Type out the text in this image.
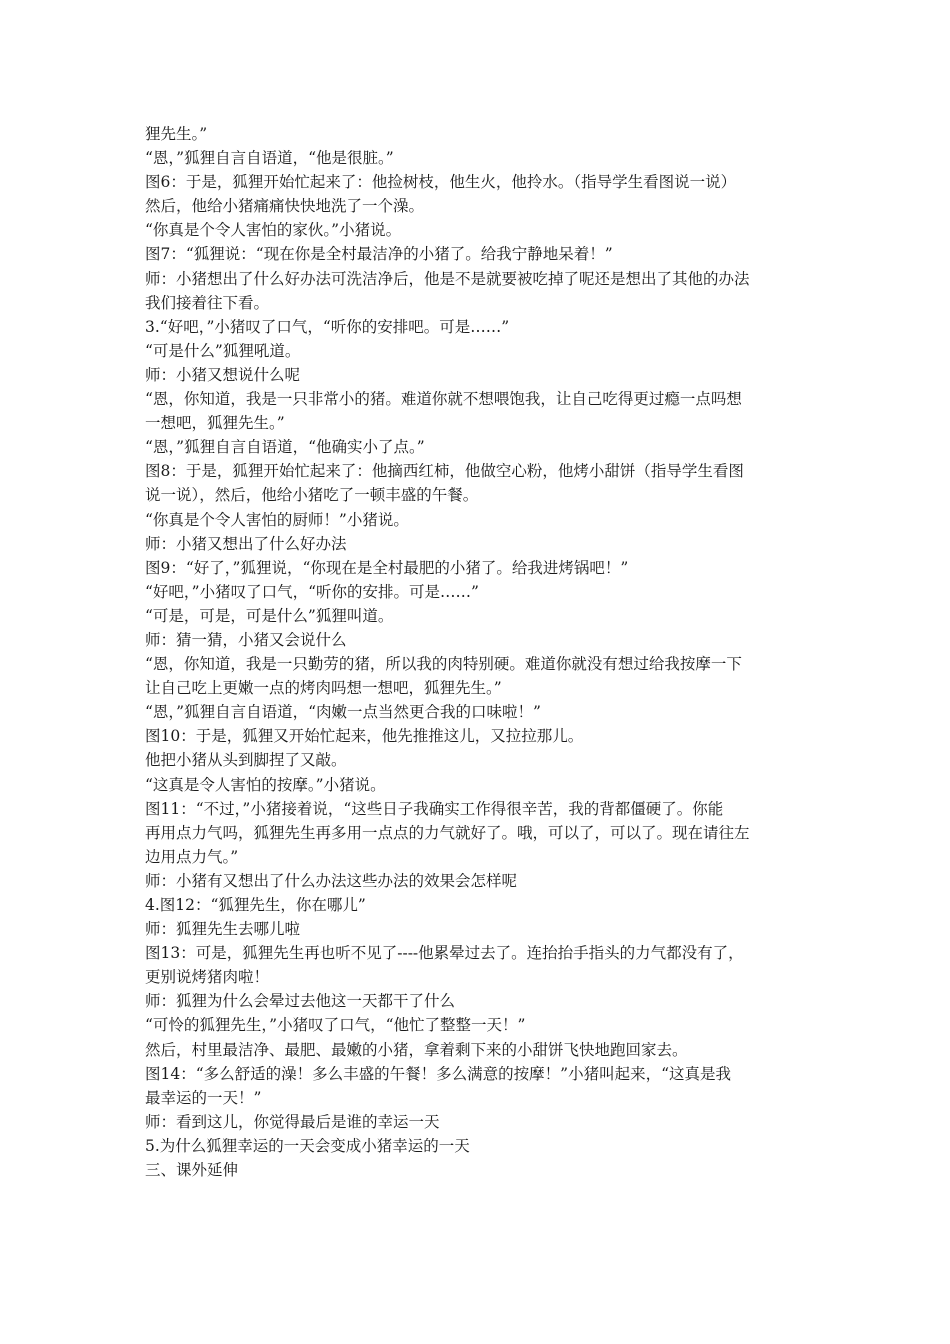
狸先生。”
“恩，”狐狸自言自语道，“他是很脏。”
图6：于是，狐狸开始忙起来了：他捡树枝，他生火，他拎水。（指导学生看图说一说）
然后，他给小猪痛痛快快地洗了一个澡。
“你真是个令人害怕的家伙。”小猪说。
图7：“狐狸说：“现在你是全村最洁净的小猪了。给我宁静地呆着！”
师：小猪想出了什么好办法可洗洁净后，他是不是就要被吃掉了呢还是想出了其他的办法
我们接着往下看。
3.“好吧，”小猪叹了口气，“听你的安排吧。可是……”
“可是什么”狐狸吼道。
师：小猪又想说什么呢
“恩，你知道，我是一只非常小的猪。难道你就不想喂饱我，让自己吃得更过瘾一点吗想
一想吧，狐狸先生。”
“恩，”狐狸自言自语道，“他确实小了点。”
图8：于是，狐狸开始忙起来了：他摘西红柿，他做空心粉，他烤小甜饼（指导学生看图
说一说），然后，他给小猪吃了一顿丰盛的午餐。
“你真是个令人害怕的厨师！”小猪说。
师：小猪又想出了什么好办法
图9：“好了，”狐狸说，“你现在是全村最肥的小猪了。给我进烤锅吧！”
“好吧，”小猪叹了口气，“听你的安排。可是……”
“可是，可是，可是什么”狐狸叫道。
师：猜一猜，小猪又会说什么
“恩，你知道，我是一只勤劳的猪，所以我的肉特别硬。难道你就没有想过给我按摩一下
让自己吃上更嫩一点的烤肉吗想一想吧，狐狸先生。”
“恩，”狐狸自言自语道，“肉嫩一点当然更合我的口味啦！”
图10：于是，狐狸又开始忙起来，他先推推这儿，又拉拉那儿。
他把小猪从头到脚捏了又敲。
“这真是令人害怕的按摩。”小猪说。
图11：“不过，”小猪接着说，“这些日子我确实工作得很辛苦，我的背都僵硬了。你能
再用点力气吗，狐狸先生再多用一点点的力气就好了。哦，可以了，可以了。现在请往左
边用点力气。”
师：小猪有又想出了什么办法这些办法的效果会怎样呢
4.图12：“狐狸先生，你在哪儿”
师：狐狸先生去哪儿啦
图13：可是，狐狸先生再也听不见了----他累晕过去了。连抬抬手指头的力气都没有了，
更别说烤猪肉啦！
师：狐狸为什么会晕过去他这一天都干了什么
“可怜的狐狸先生，”小猪叹了口气，“他忙了整整一天！”
然后，村里最洁净、最肥、最嫩的小猪，拿着剩下来的小甜饼飞快地跑回家去。
图14：“多么舒适的澡！多么丰盛的午餐！多么满意的按摩！”小猪叫起来，“这真是我
最幸运的一天！”
师：看到这儿，你觉得最后是谁的幸运一天
5.为什么狐狸幸运的一天会变成小猪幸运的一天
三、课外延伸
